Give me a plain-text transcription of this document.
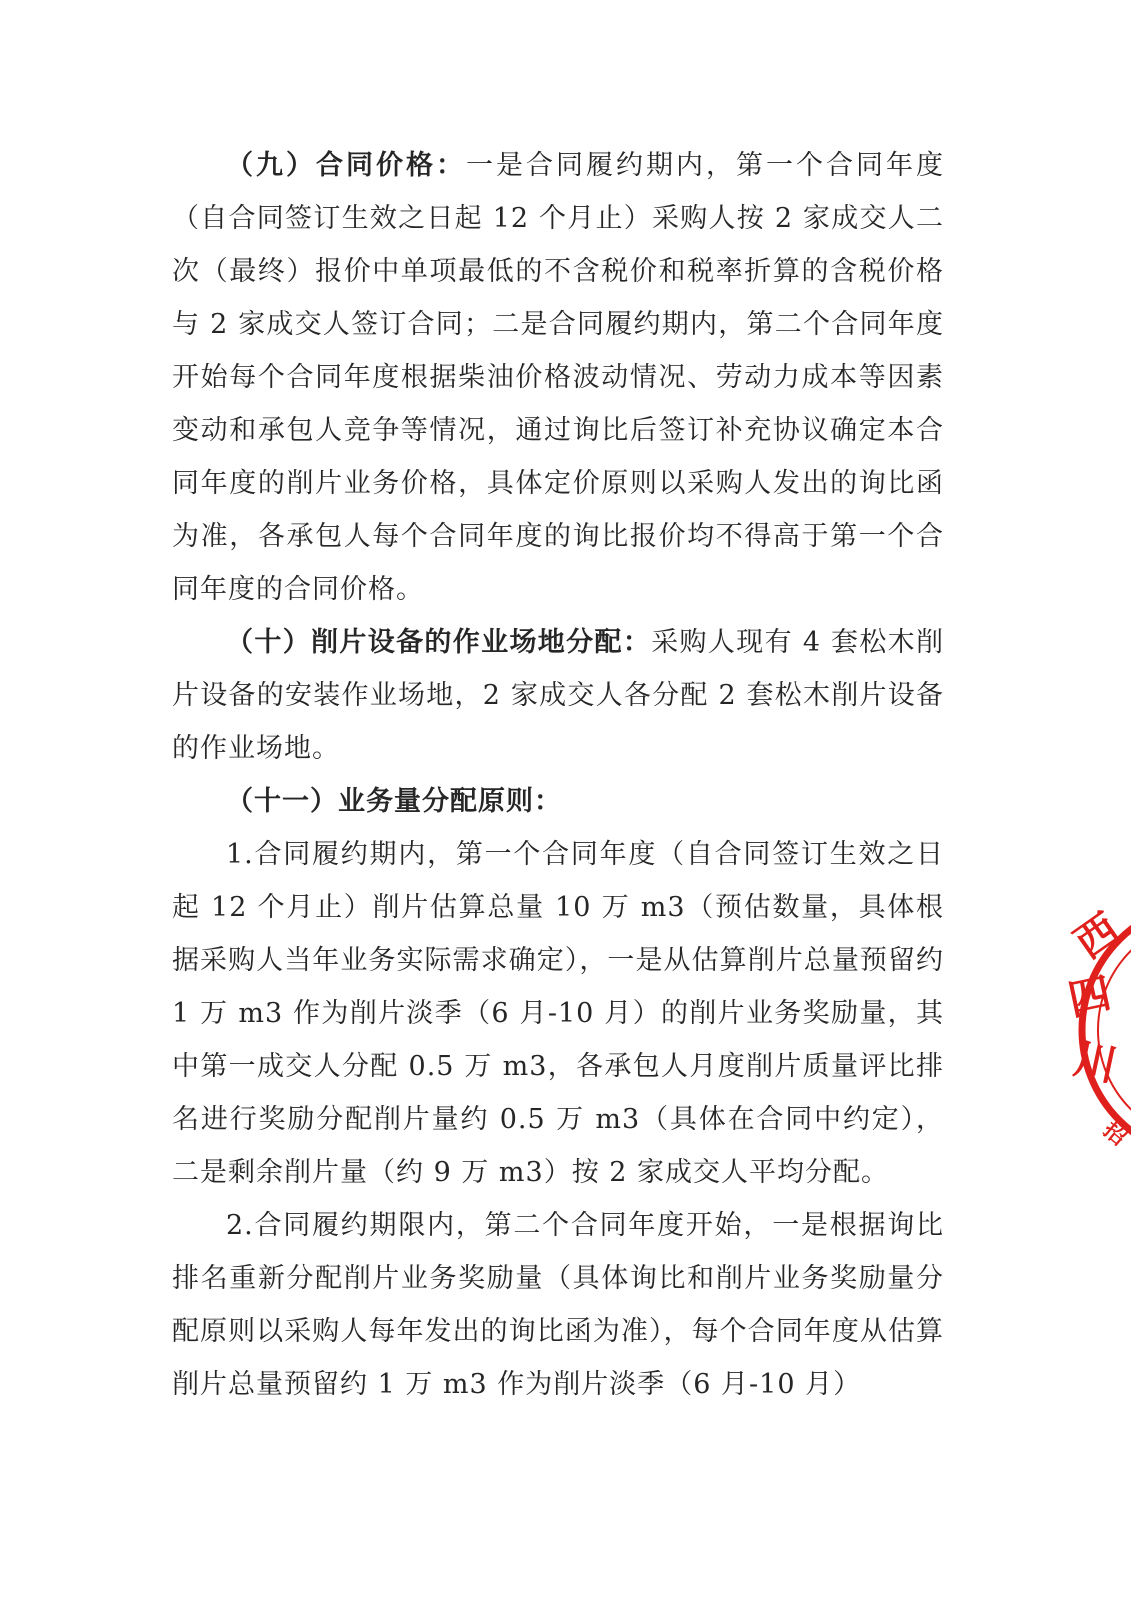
（九）合同价格：一是合同履约期内，第一个合同年度（自合同签订生效之日起 12 个月止）采购人按 2 家成交人二次（最终）报价中单项最低的不含税价和税率折算的含税价格与 2 家成交人签订合同；二是合同履约期内，第二个合同年度开始每个合同年度根据柴油价格波动情况、劳动力成本等因素变动和承包人竞争等情况，通过询比后签订补充协议确定本合同年度的削片业务价格，具体定价原则以采购人发出的询比函为准，各承包人每个合同年度的询比报价均不得高于第一个合同年度的合同价格。

（十）削片设备的作业场地分配：采购人现有 4 套松木削片设备的安装作业场地，2 家成交人各分配 2 套松木削片设备的作业场地。

（十一）业务量分配原则：

1.合同履约期内，第一个合同年度（自合同签订生效之日起 12 个月止）削片估算总量 10 万 m3（预估数量，具体根据采购人当年业务实际需求确定），一是从估算削片总量预留约 1 万 m3 作为削片淡季（6 月-10 月）的削片业务奖励量，其中第一成交人分配 0.5 万 m3，各承包人月度削片质量评比排名进行奖励分配削片量约 0.5 万 m3（具体在合同中约定），二是剩余削片量（约 9 万 m3）按 2 家成交人平均分配。

2.合同履约期限内，第二个合同年度开始，一是根据询比排名重新分配削片业务奖励量（具体询比和削片业务奖励量分配原则以采购人每年发出的询比函为准），每个合同年度从估算削片总量预留约 1 万 m3 作为削片淡季（6 月-10 月）

西
四
川
招
